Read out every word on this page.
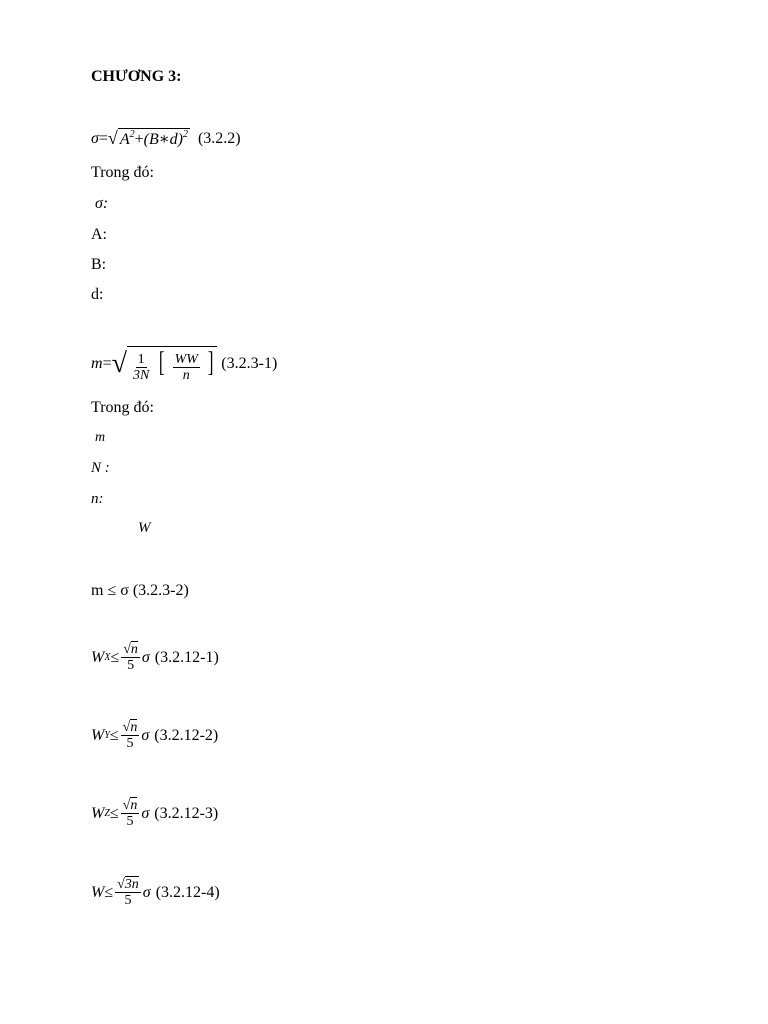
CHƯƠNG 3:
σ = √ $A^2+(B∗d)^2$ (3.2.2)
Trong đó:
σ:
A:
B:
d:
m = √ $\frac{1}{3N}$ [ $\frac{WW}{n}$ ] (3.2.3-1)
Trong đó:
m
N :
n:
W
m ≤ σ (3.2.3-2)
W $X \le \frac{√n}{5}$ σ (3.2.12-1)
W $Y \le \frac{√n}{5}$ σ (3.2.12-2)
W $Z \le \frac{√n}{5}$ σ (3.2.12-3)
$W \le \frac{√3n}{5}$ σ (3.2.12-4)
